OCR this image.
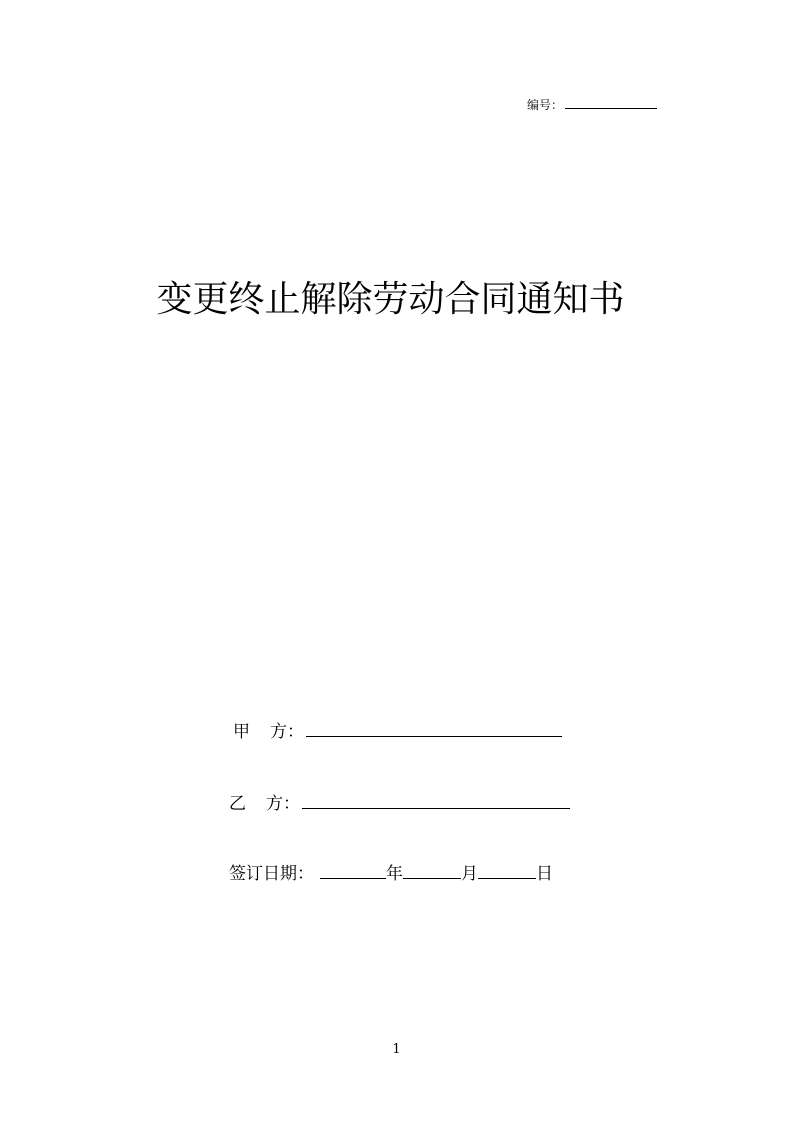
编号：
变更终止解除劳动合同通知书
甲 方：
乙 方：
签订日期：	年	月	日
1
